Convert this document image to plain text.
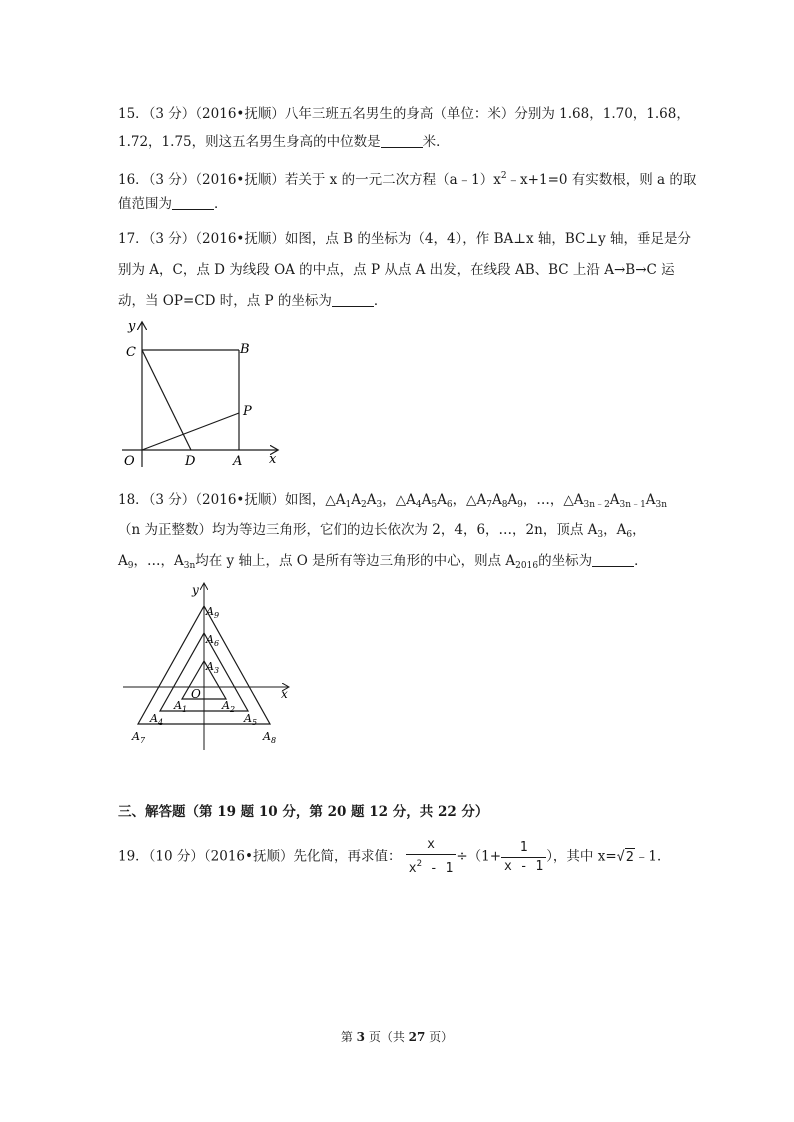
15．（3 分）（2016•抚顺）八年三班五名男生的身高（单位：米）分别为 1.68，1.70，1.68，
1.72，1.75，则这五名男生身高的中位数是	米．
16．（3 分）（2016•抚顺）若关于 x 的一元二次方程$(a﹣1)x^2﹣x+1=0$ 有实数根，则 a 的取
值范围为	．
17．（3 分）（2016•抚顺）如图，点 B 的坐标为（4，4），作 BA⊥x 轴，BC⊥y 轴，垂足是分
别为 A，C，点 D 为线段 OA 的中点，点 P 从点 A 出发，在线段 AB、BC 上沿 A→B→C 运
动，当 OP=CD 时，点 P 的坐标为	．
y
x
O
C	B
P
D	A
18．（3 分）（2016•抚顺）如图，$\triangle A_1A_2A_3$，$\triangle A_4A_5A_6$，$\triangle A_7A_8A_9$，…，$\triangle A_{3n﹣2}A_{3n﹣1}A_{3n}$
（n 为正整数）均为等边三角形，它们的边长依次为 2，4，6，…，2n，顶点 $A_3$，$A_6$，
$A_9$，…，$A_{3n}$均在 y 轴上，点 O 是所有等边三角形的中心，则点 $A_{2016}$的坐标为	．
y
x
O
$A_9$
$A_6$
$A_3$
$A_1$	$A_2$
$A_4$	$A_5$
$A_7$	$A_8$
三、解答题（第 19 题 10 分，第 20 题 12 分，共 22 分）
19．（10 分）（2016•抚顺）先化简，再求值： $\frac{x}{x^2 - 1} \div(1+ \frac{1}{x - 1}$ ），其中 x=√2﹣1．
第 3 页（共 27 页）
